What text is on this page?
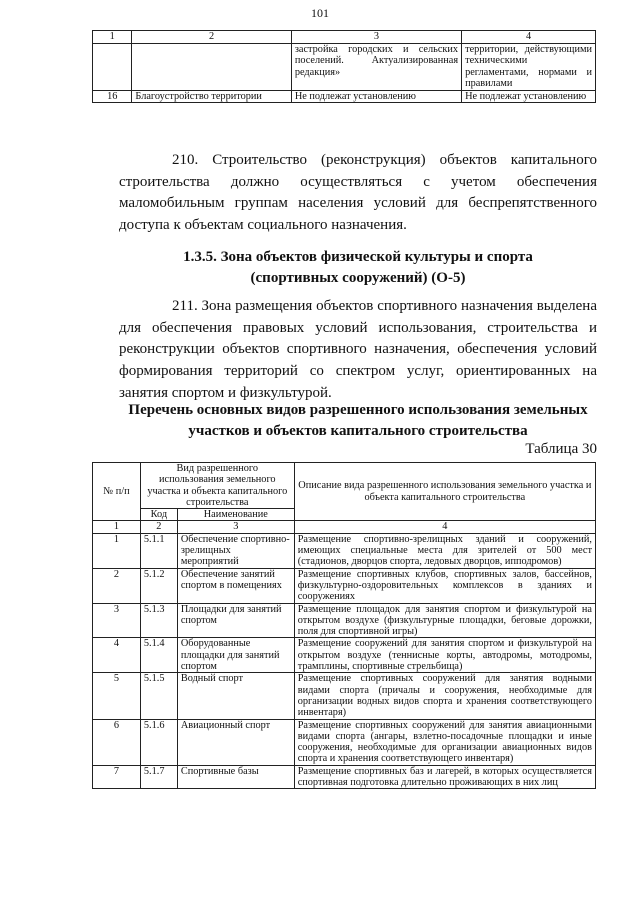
101
1	2	3	4
		застройка городских и сельских поселений. Актуализированная редакция»	территории, действующими техническими регламентами, нормами и правилами
16	Благоустройство территории	Не подлежат установлению	Не подлежат установлению
210. Строительство (реконструкция) объектов капитального строительства должно осуществляться с учетом обеспечения маломобильным группам населения условий для беспрепятственного доступа к объектам социального назначения.
1.3.5. Зона объектов физической культуры и спорта
(спортивных сооружений) (О-5)
211. Зона размещения объектов спортивного назначения выделена для обеспечения правовых условий использования, строительства и реконструкции объектов спортивного назначения, обеспечения условий формирования территорий со спектром услуг, ориентированных на занятия спортом и физкультурой.
Перечень основных видов разрешенного использования земельных
участков и объектов капитального строительства
Таблица 30
№ п/п	Вид разрешенного использования земельного участка и объекта капитального строительства		Описание вида разрешенного использования земельного участка и объекта капитального строительства
	Код	Наименование	
1	2	3	4
1	5.1.1	Обеспечение спортивно-зрелищных мероприятий	Размещение спортивно-зрелищных зданий и сооружений, имеющих специальные места для зрителей от 500 мест (стадионов, дворцов спорта, ледовых дворцов, ипподромов)
2	5.1.2	Обеспечение занятий спортом в помещениях	Размещение спортивных клубов, спортивных залов, бассейнов, физкультурно-оздоровительных комплексов в зданиях и сооружениях
3	5.1.3	Площадки для занятий спортом	Размещение площадок для занятия спортом и физкультурой на открытом воздухе (физкультурные площадки, беговые дорожки, поля для спортивной игры)
4	5.1.4	Оборудованные площадки для занятий спортом	Размещение сооружений для занятия спортом и физкультурой на открытом воздухе (теннисные корты, автодромы, мотодромы, трамплины, спортивные стрельбища)
5	5.1.5	Водный спорт	Размещение спортивных сооружений для занятия водными видами спорта (причалы и сооружения, необходимые для организации водных видов спорта и хранения соответствующего инвентаря)
6	5.1.6	Авиационный спорт	Размещение спортивных сооружений для занятия авиационными видами спорта (ангары, взлетно-посадочные площадки и иные сооружения, необходимые для организации авиационных видов спорта и хранения соответствующего инвентаря)
7	5.1.7	Спортивные базы	Размещение спортивных баз и лагерей, в которых осуществляется спортивная подготовка длительно проживающих в них лиц
